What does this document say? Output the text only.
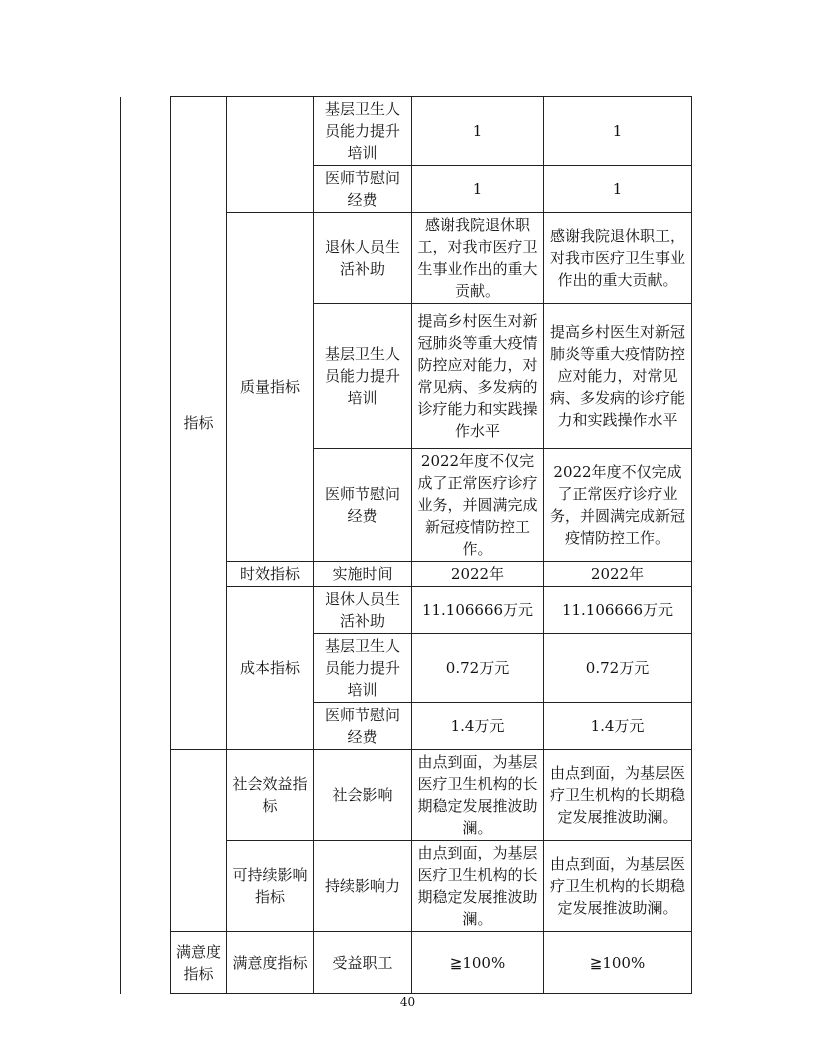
	指标		基层卫生人员能力提升培训	1	1
			医师节慰问经费	1	1
		质量指标	退休人员生活补助	感谢我院退休职工，对我市医疗卫生事业作出的重大贡献。	感谢我院退休职工，对我市医疗卫生事业作出的重大贡献。
			基层卫生人员能力提升培训	提高乡村医生对新冠肺炎等重大疫情防控应对能力，对常见病、多发病的诊疗能力和实践操作水平	提高乡村医生对新冠肺炎等重大疫情防控应对能力，对常见病、多发病的诊疗能力和实践操作水平
			医师节慰问经费	2022年度不仅完成了正常医疗诊疗业务，并圆满完成新冠疫情防控工作。	2022年度不仅完成了正常医疗诊疗业务，并圆满完成新冠疫情防控工作。
		时效指标	实施时间	2022年	2022年
		成本指标	退休人员生活补助	11.106666万元	11.106666万元
			基层卫生人员能力提升培训	0.72万元	0.72万元
			医师节慰问经费	1.4万元	1.4万元
		社会效益指标	社会影响	由点到面，为基层医疗卫生机构的长期稳定发展推波助澜。	由点到面，为基层医疗卫生机构的长期稳定发展推波助澜。
		可持续影响指标	持续影响力	由点到面，为基层医疗卫生机构的长期稳定发展推波助澜。	由点到面，为基层医疗卫生机构的长期稳定发展推波助澜。
	满意度指标	满意度指标	受益职工	≧100%	≧100%
40
